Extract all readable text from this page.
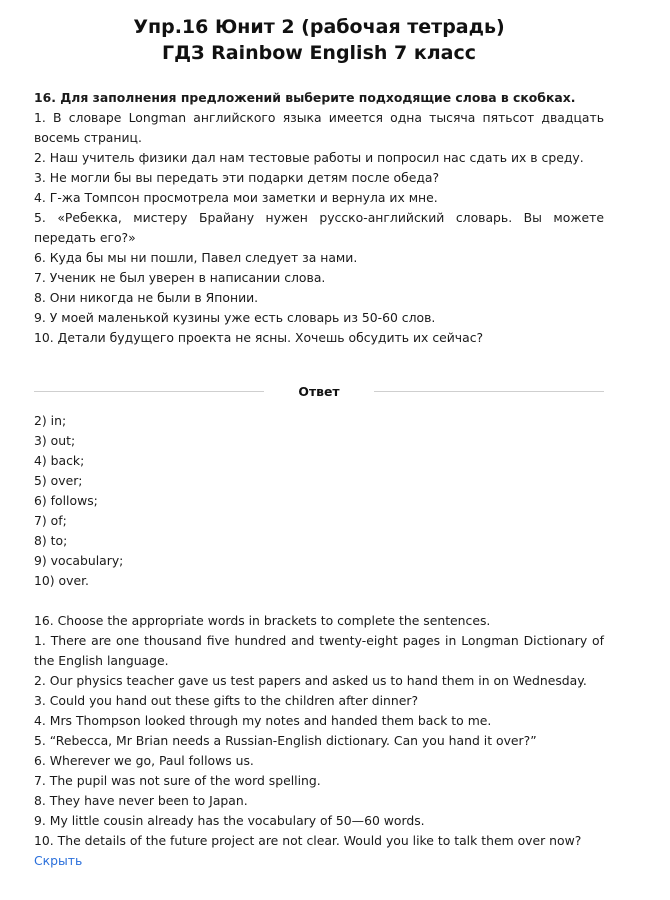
Упр.16 Юнит 2 (рабочая тетрадь)
ГДЗ Rainbow English 7 класс

16. Для заполнения предложений выберите подходящие слова в скобках.

1. В словаре Longman английского языка имеется одна тысяча пятьсот двадцать восемь страниц.

2. Наш учитель физики дал нам тестовые работы и попросил нас сдать их в среду.

3. Не могли бы вы передать эти подарки детям после обеда?

4. Г-жа Томпсон просмотрела мои заметки и вернула их мне.

5. «Ребекка, мистеру Брайану нужен русско-английский словарь. Вы можете передать его?»

6. Куда бы мы ни пошли, Павел следует за нами.

7. Ученик не был уверен в написании слова.

8. Они никогда не были в Японии.

9. У моей маленькой кузины уже есть словарь из 50-60 слов.

10. Детали будущего проекта не ясны. Хочешь обсудить их сейчас?

Ответ
2) in;
3) out;
4) back;
5) over;
6) follows;
7) of;
8) to;
9) vocabulary;
10) over.

16. Choose the appropriate words in brackets to complete the sentences.

1. There are one thousand five hundred and twenty-eight pages in Longman Dictionary of the English language.

2. Our physics teacher gave us test papers and asked us to hand them in on Wednesday.

3. Could you hand out these gifts to the children after dinner?

4. Mrs Thompson looked through my notes and handed them back to me.

5. “Rebecca, Mr Brian needs a Russian-English dictionary. Can you hand it over?”

6. Wherever we go, Paul follows us.

7. The pupil was not sure of the word spelling.

8. They have never been to Japan.

9. My little cousin already has the vocabulary of 50—60 words.

10. The details of the future project are not clear. Would you like to talk them over now?

Скрыть
